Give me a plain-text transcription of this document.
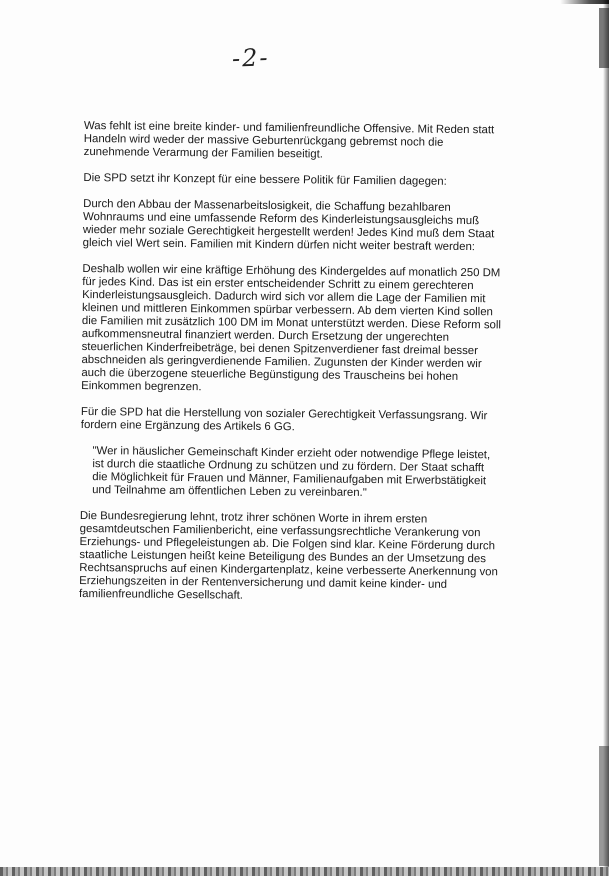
-2-

Was fehlt ist eine breite kinder- und familienfreundliche Offensive. Mit Reden statt
Handeln wird weder der massive Geburtenrückgang gebremst noch die
zunehmende Verarmung der Familien beseitigt.

Die SPD setzt ihr Konzept für eine bessere Politik für Familien dagegen:

Durch den Abbau der Massenarbeitslosigkeit, die Schaffung bezahlbaren
Wohnraums und eine umfassende Reform des Kinderleistungsausgleichs muß
wieder mehr soziale Gerechtigkeit hergestellt werden! Jedes Kind muß dem Staat
gleich viel Wert sein. Familien mit Kindern dürfen nicht weiter bestraft werden:

Deshalb wollen wir eine kräftige Erhöhung des Kindergeldes auf monatlich 250 DM
für jedes Kind. Das ist ein erster entscheidender Schritt zu einem gerechteren
Kinderleistungsausgleich. Dadurch wird sich vor allem die Lage der Familien mit
kleinen und mittleren Einkommen spürbar verbessern. Ab dem vierten Kind sollen
die Familien mit zusätzlich 100 DM im Monat unterstützt werden. Diese Reform soll
aufkommensneutral finanziert werden. Durch Ersetzung der ungerechten
steuerlichen Kinderfreibeträge, bei denen Spitzenverdiener fast dreimal besser
abschneiden als geringverdienende Familien. Zugunsten der Kinder werden wir
auch die überzogene steuerliche Begünstigung des Trauscheins bei hohen
Einkommen begrenzen.

Für die SPD hat die Herstellung von sozialer Gerechtigkeit Verfassungsrang. Wir
fordern eine Ergänzung des Artikels 6 GG.

"Wer in häuslicher Gemeinschaft Kinder erzieht oder notwendige Pflege leistet,
ist durch die staatliche Ordnung zu schützen und zu fördern. Der Staat schafft
die Möglichkeit für Frauen und Männer, Familienaufgaben mit Erwerbstätigkeit
und Teilnahme am öffentlichen Leben zu vereinbaren."

Die Bundesregierung lehnt, trotz ihrer schönen Worte in ihrem ersten
gesamtdeutschen Familienbericht, eine verfassungsrechtliche Verankerung von
Erziehungs- und Pflegeleistungen ab. Die Folgen sind klar. Keine Förderung durch
staatliche Leistungen heißt keine Beteiligung des Bundes an der Umsetzung des
Rechtsanspruchs auf einen Kindergartenplatz, keine verbesserte Anerkennung von
Erziehungszeiten in der Rentenversicherung und damit keine kinder- und
familienfreundliche Gesellschaft.
